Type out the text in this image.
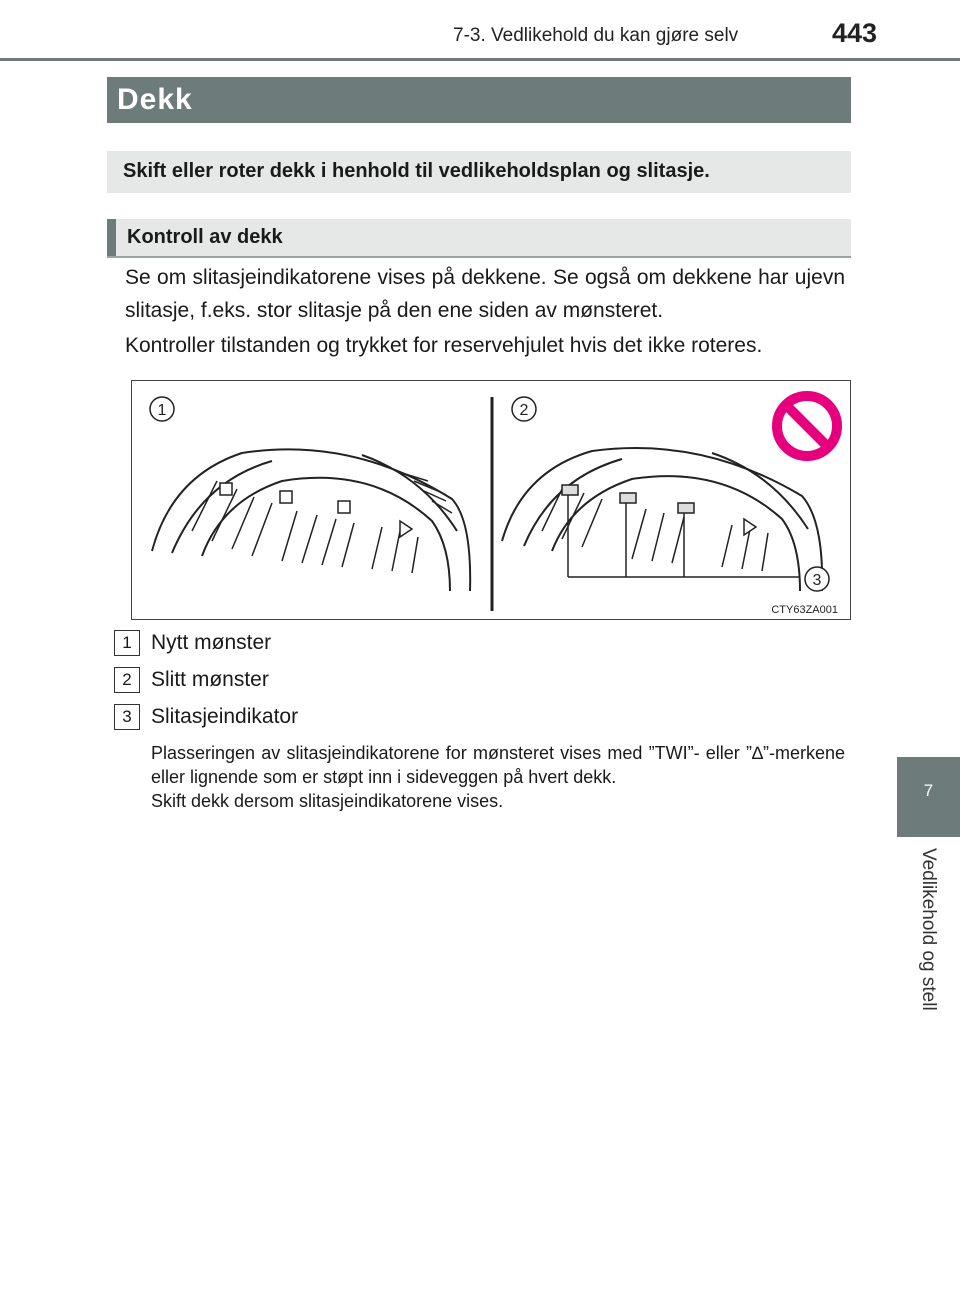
7-3. Vedlikehold du kan gjøre selv	443
7
Vedlikehold og stell
Dekk
Skift eller roter dekk i henhold til vedlikeholdsplan og slitasje.
Kontroll av dekk
Se om slitasjeindikatorene vises på dekkene. Se også om dekkene har ujevn slitasje, f.eks. stor slitasje på den ene siden av mønsteret.
Kontroller tilstanden og trykket for reservehjulet hvis det ikke roteres.
1	2
3
CTY63ZA001
1 Nytt mønster
2 Slitt mønster
3 Slitasjeindikator
Plasseringen av slitasjeindikatorene for mønsteret vises med ”TWI”- eller ”∆”-merkene eller lignende som er støpt inn i sideveggen på hvert dekk.
Skift dekk dersom slitasjeindikatorene vises.
